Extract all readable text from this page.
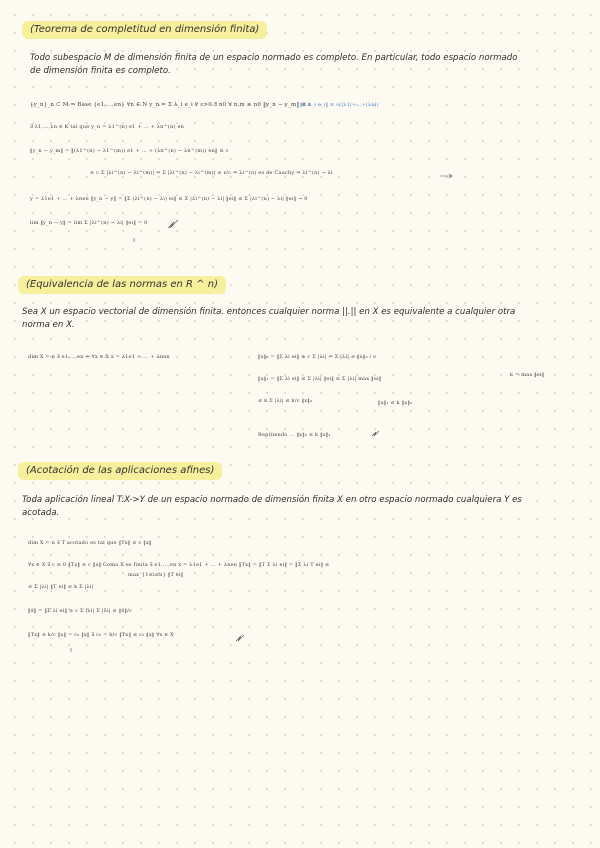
(Teorema de completitud en dimensión finita)
Todo subespacio M de dimensión finita de un espacio normado es completo. En particular, todo espacio normado de dimensión finita es completo.
{y_n}_n ⊂ M ⇒ Base {e1,...,en} ∀n ∈ N y_n = Σ λ_i e_i ∀ ε>0 ∃ n0 ∀ n,m ≥ n0 ‖y_n − y_m‖ ≤ ε
‖Σ λ_i e_i‖ ≥ c(|λ1|+...+|λn|)
∃ λ1,...,λn ∈ K tal que y_n = λ1^(n) e1 + ... + λn^(n) en
‖y_n − y_m‖ = ‖(λ1^(n) − λ1^(m)) e1 + ... + (λn^(n) − λn^(m)) en‖ ≥ c
≥ c Σ |λi^(n) − λi^(m)| ⇒ Σ |λi^(n) − λi^(m)| ≤ ε/c ⇒ λi^(n) es de Cauchy ⇒ λi^(n) → λi
y = λ1e1 + ... + λnen ‖y_n − y‖ = ‖Σ (λi^(n) − λi) ei‖ ≤ Σ |λi^(n) − λi| ‖ei‖ ≤ Σ |λi^(n) − λi| ‖ei‖ → 0
lim ‖y_n − y‖ = lim Σ |λi^(n) − λi| ‖ei‖ = 0
(Equivalencia de las normas en R ^ n)
Sea X un espacio vectorial de dimensión finita. entonces cualquier norma ||.|| en X es equivalente a cualquier otra norma en X.
dim X = n ∃ e1,...,en ⇒ ∀x ∈ X x = λ1e1 + ... + λnen	‖x‖₀ = ‖Σ λi ei‖ ≥ c Σ |λi| ⇒ Σ |λi| ≤ ‖x‖₀ / c
‖x‖₁ = ‖Σ λi ei‖ ≤ Σ |λi| ‖ei‖ ≤ Σ |λi| max ‖ei‖
k = max ‖ei‖
≤ k Σ |λi| ≤ k/c ‖x‖₀	‖x‖₁ ≤ k ‖x‖₀
Repitiendo ... ‖x‖₀ ≤ k ‖x‖₁
(Acotación de las aplicaciones afines)
Toda aplicación lineal T:X->Y de un espacio normado de dimensión finita X en otro espacio normado cualquiera Y es acotada.
dim X = n ∃ T acotado es tal que ‖Tx‖ ≤ c ‖x‖
∀x ∈ X ∃ c ≥ 0 ‖Tx‖ ≤ c ‖x‖ Como X es finita ∃ e1,...,en x = λ1e1 + ... + λnen ‖Tx‖ = ‖T Σ λi ei‖ = ‖Σ λi T ei‖ ≤
max_{1≤i≤n} ‖T ei‖
≤ Σ |λi| ‖T ei‖ ≤ k Σ |λi|
‖x‖ = ‖Σ λi ei‖ ≥ c Σ |λi| Σ |λi| ≤ ‖x‖/c
‖Tx‖ ≤ k/c ‖x‖ = c₀ ‖x‖ ∃ c₀ = k/c ‖Tx‖ ≤ c₀ ‖x‖ ∀x ∈ X
